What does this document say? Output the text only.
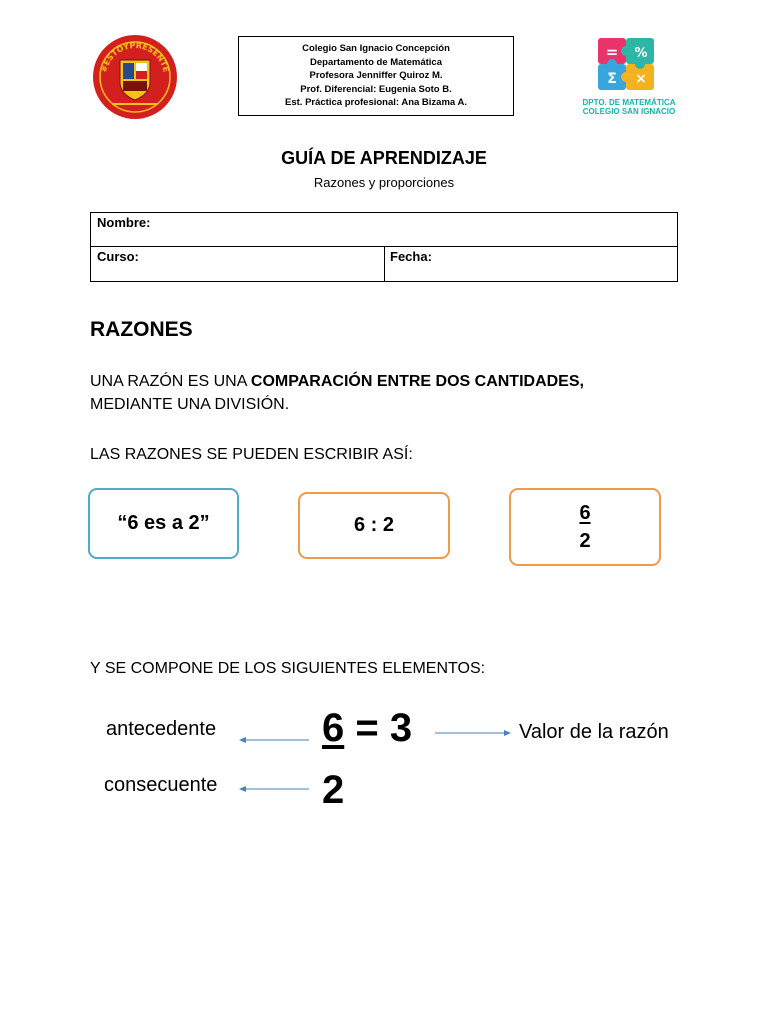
#ESTOYPRESENTE
Colegio San Ignacio Concepción
Departamento de Matemática
Profesora Jenniffer Quiroz M.
Prof. Diferencial: Eugenia Soto B.
Est. Práctica profesional: Ana Bizama A.
= %
Σ ×
DPTO. DE MATEMÁTICA
COLEGIO SAN IGNACIO
GUÍA DE APRENDIZAJE
Razones y proporciones
Nombre:
Curso:	Fecha:
RAZONES
UNA RAZÓN ES UNA COMPARACIÓN ENTRE DOS CANTIDADES,
MEDIANTE UNA DIVISIÓN.
LAS RAZONES SE PUEDEN ESCRIBIR ASÍ:
“6 es a 2”	6 : 2	$\frac{6}{2}$
Y SE COMPONE DE LOS SIGUIENTES ELEMENTOS:
antecedente
consecuente
Valor de la razón
6 = 3
2
